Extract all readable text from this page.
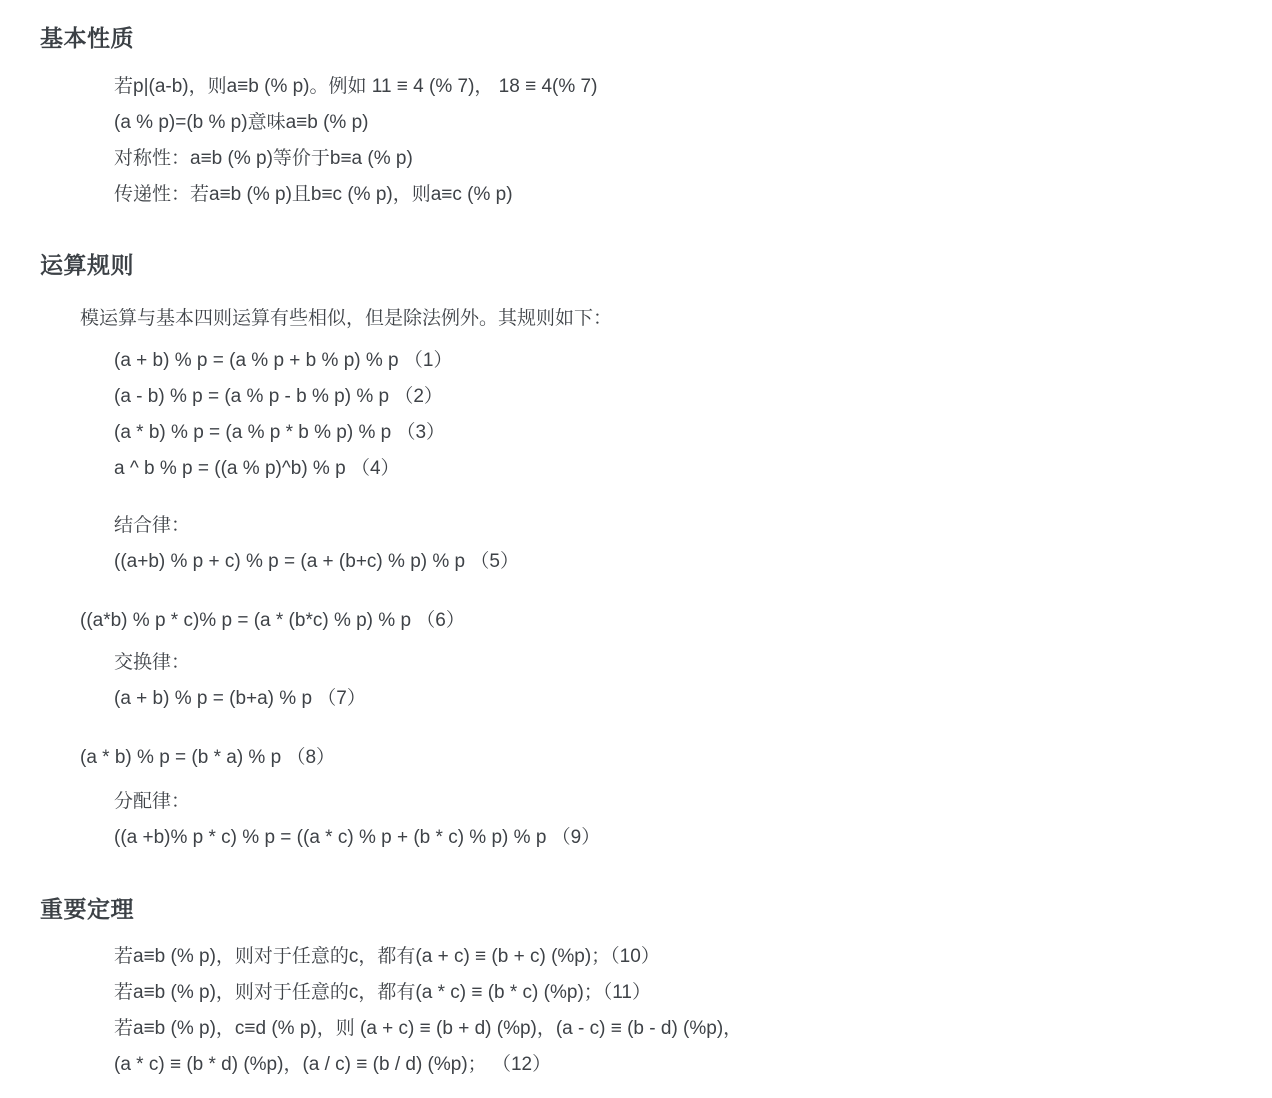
基本性质
若p|(a-b)，则a≡b (% p)。例如 11 ≡ 4 (% 7)， 18 ≡ 4(% 7)
(a % p)=(b % p)意味a≡b (% p)
对称性：a≡b (% p)等价于b≡a (% p)
传递性：若a≡b (% p)且b≡c (% p)，则a≡c (% p)
运算规则
模运算与基本四则运算有些相似，但是除法例外。其规则如下：
(a + b) % p = (a % p + b % p) % p （1）
(a - b) % p = (a % p - b % p) % p （2）
(a * b) % p = (a % p * b % p) % p （3）
a ^ b % p = ((a % p)^b) % p （4）
结合律：
((a+b) % p + c) % p = (a + (b+c) % p) % p （5）
((a*b) % p * c)% p = (a * (b*c) % p) % p （6）
交换律：
(a + b) % p = (b+a) % p （7）
(a * b) % p = (b * a) % p （8）
分配律：
((a +b)% p * c) % p = ((a * c) % p + (b * c) % p) % p （9）
重要定理
若a≡b (% p)，则对于任意的c，都有(a + c) ≡ (b + c) (%p)；（10）
若a≡b (% p)，则对于任意的c，都有(a * c) ≡ (b * c) (%p)；（11）
若a≡b (% p)，c≡d (% p)，则 (a + c) ≡ (b + d) (%p)，(a - c) ≡ (b - d) (%p)，
(a * c) ≡ (b * d) (%p)，(a / c) ≡ (b / d) (%p)； （12）
